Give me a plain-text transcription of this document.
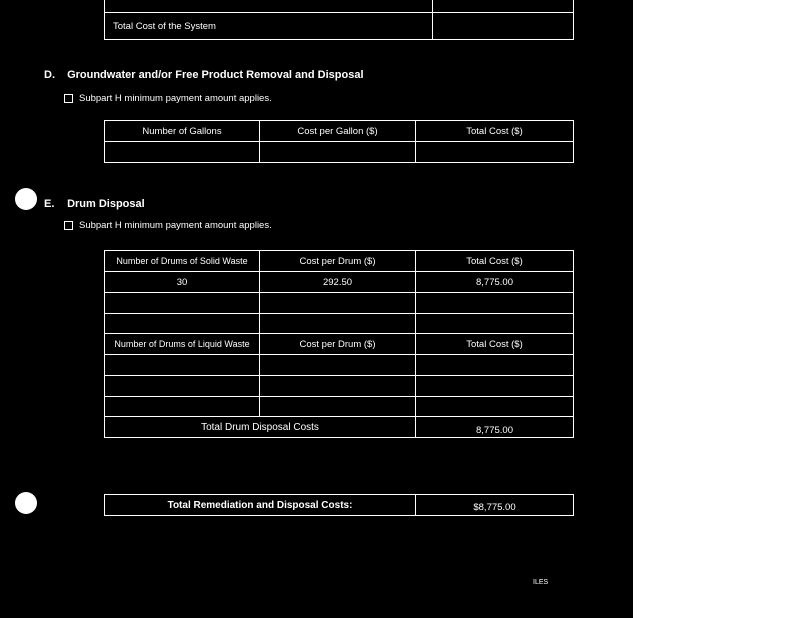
Total Cost of the System	
D. Groundwater and/or Free Product Removal and Disposal
Subpart H minimum payment amount applies.
Number of Gallons	Cost per Gallon ($)	Total Cost ($)

E. Drum Disposal
Subpart H minimum payment amount applies.
Number of Drums of Solid Waste	Cost per Drum ($)	Total Cost ($)
30	292.50	8,775.00

Number of Drums of Liquid Waste	Cost per Drum ($)	Total Cost ($)

Total Drum Disposal Costs		8,775.00
Total Remediation and Disposal Costs:	$8,775.00
ILES
